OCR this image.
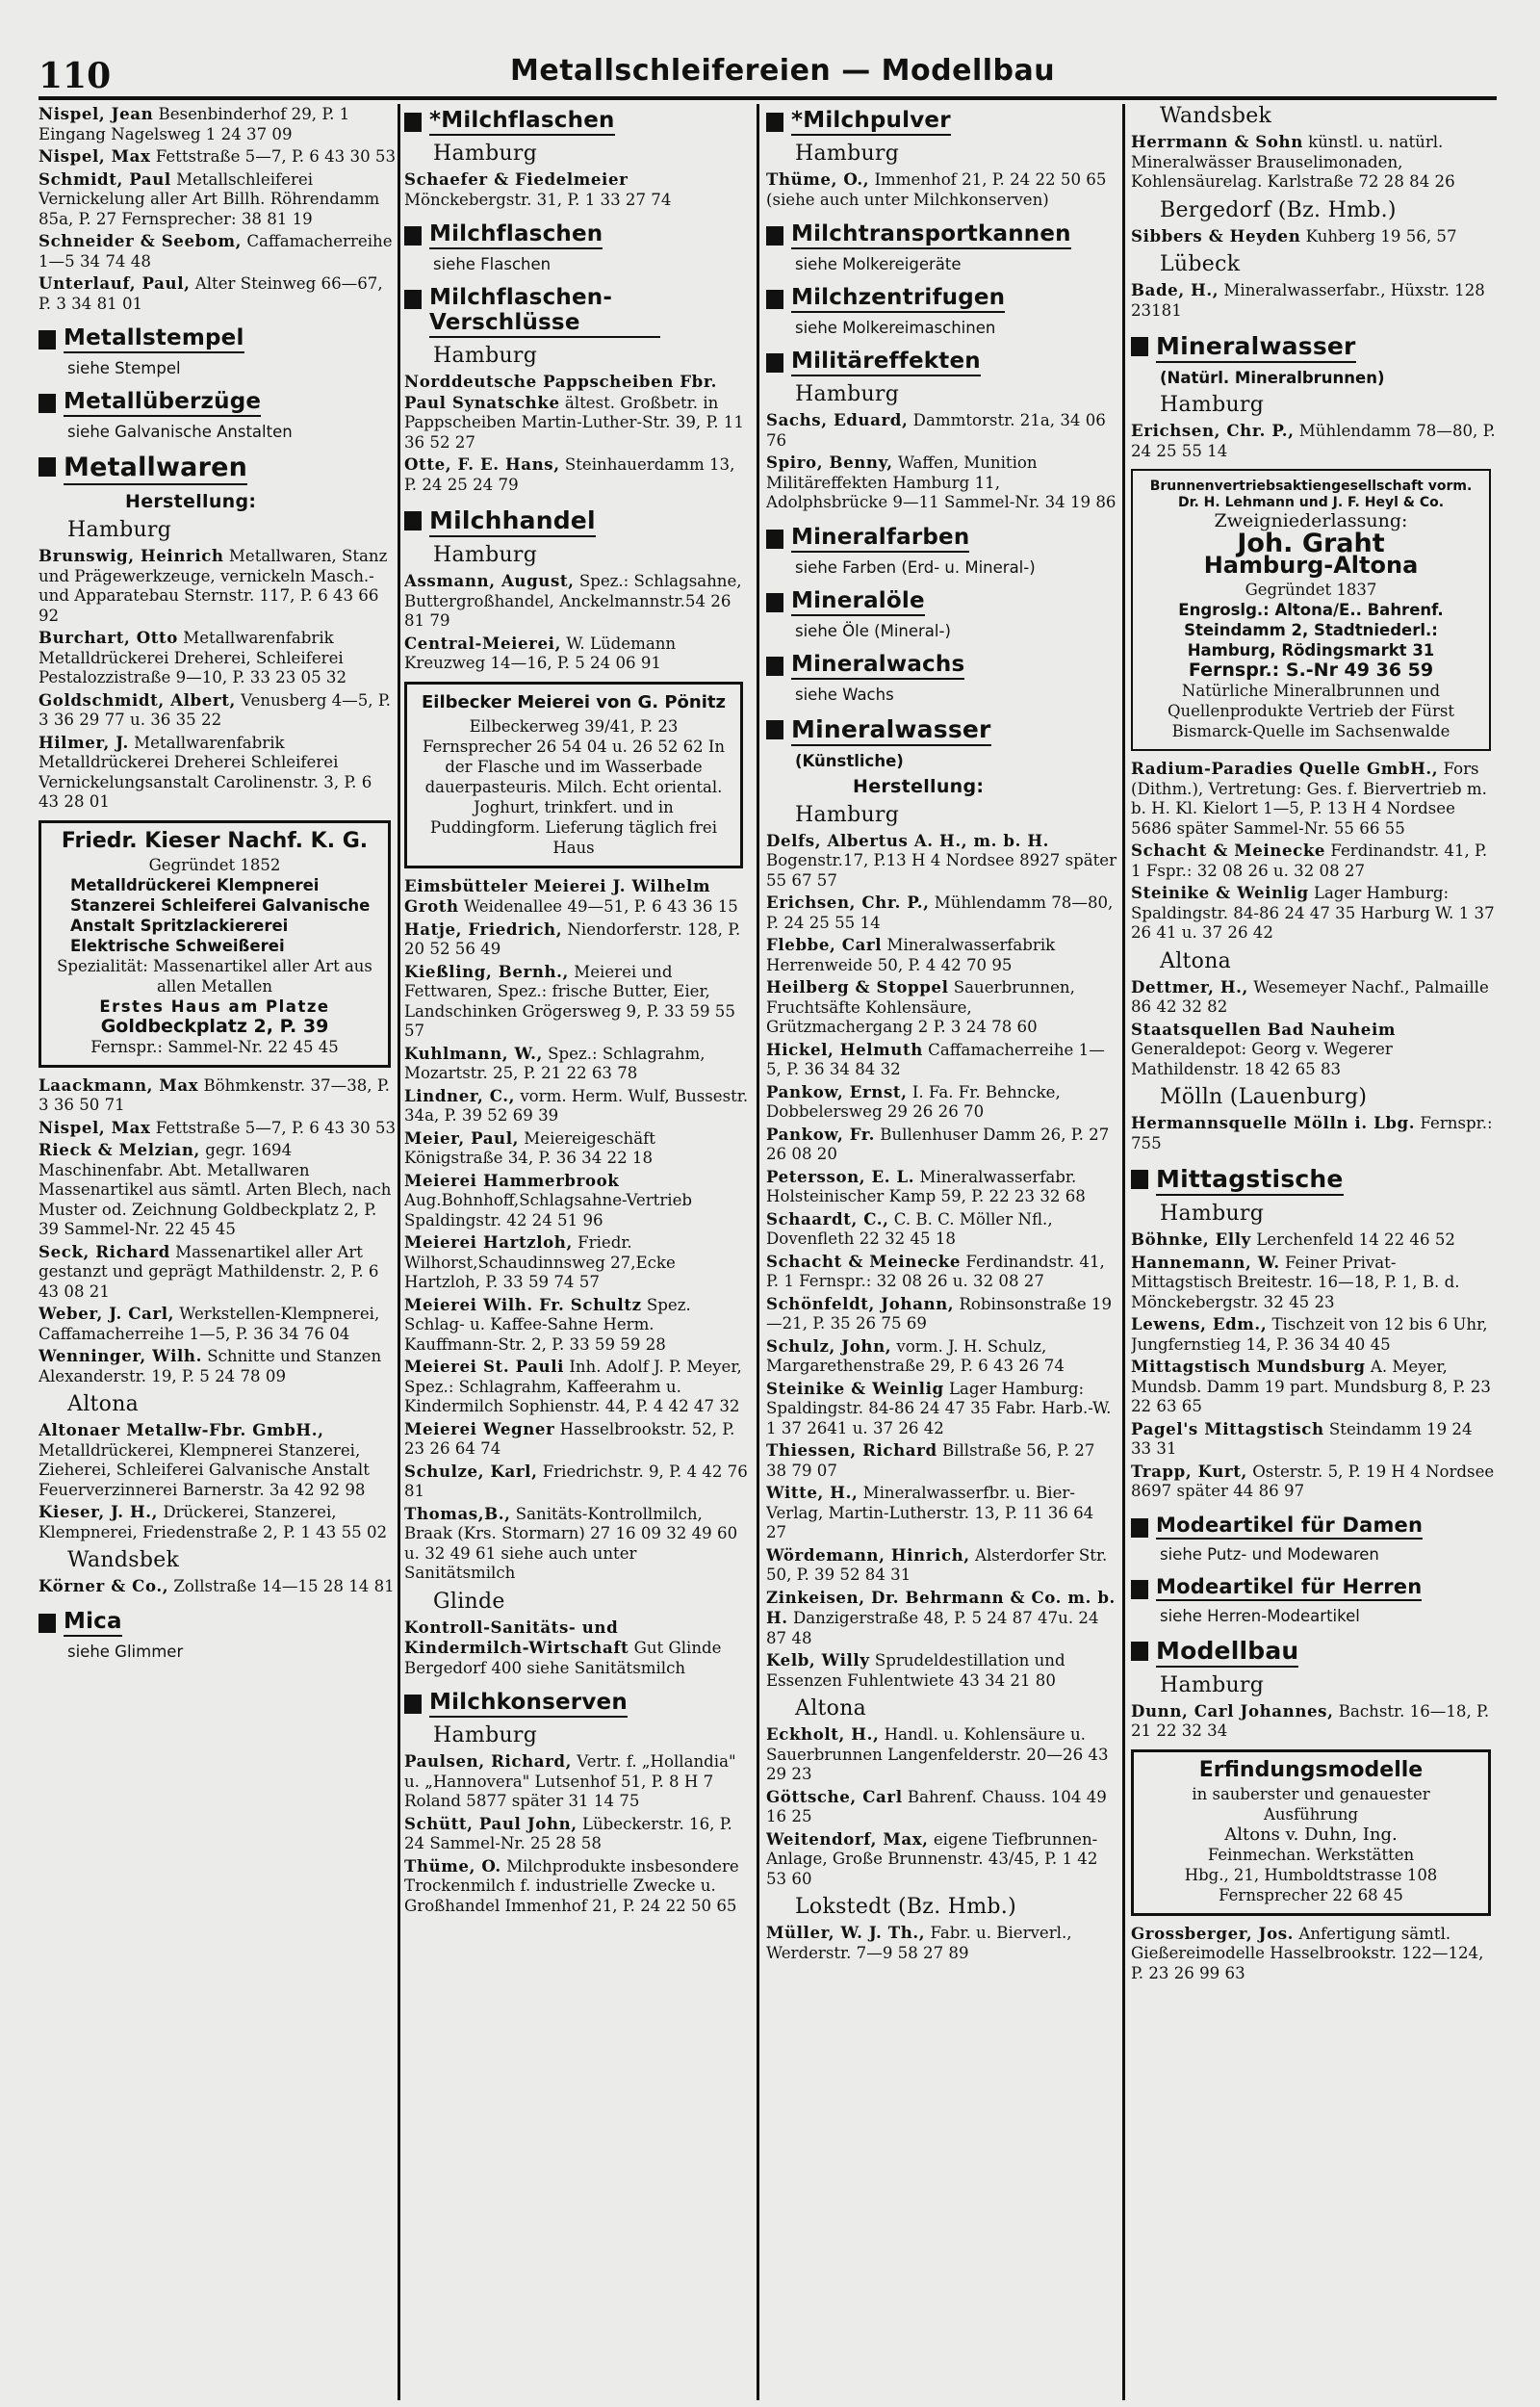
110	Metallschleifereien — Modellbau
Nispel, Jean Besenbinderhof 29, P. 1 Eingang Nagelsweg 1 24 37 09
Nispel, Max Fettstraße 5—7, P. 6 43 30 53
Schmidt, Paul Metallschleiferei Vernickelung aller Art Billh. Röhrendamm 85a, P. 27 Fernsprecher: 38 81 19
Schneider & Seebom, Caffamacherreihe 1—5 34 74 48
Unterlauf, Paul, Alter Steinweg 66—67, P. 3 34 81 01
Metallstempel
siehe Stempel
Metallüberzüge
siehe Galvanische Anstalten
Metallwaren
Herstellung:
Hamburg
Brunswig, Heinrich Metallwaren, Stanz und Prägewerkzeuge, vernickeln Masch.- und Apparatebau Sternstr. 117, P. 6 43 66 92
Burchart, Otto Metallwarenfabrik Metalldrückerei Dreherei, Schleiferei Pestalozzistraße 9—10, P. 33 23 05 32
Goldschmidt, Albert, Venusberg 4—5, P. 3 36 29 77 u. 36 35 22
Hilmer, J. Metallwarenfabrik Metalldrückerei Dreherei Schleiferei Vernickelungsanstalt Carolinenstr. 3, P. 6 43 28 01
Friedr. Kieser Nachf. K. G.
Gegründet 1852
Metalldrückerei Klempnerei Stanzerei Schleiferei Galvanische Anstalt Spritzlackiererei Elektrische Schweißerei
Spezialität: Massenartikel aller Art aus allen Metallen
Erstes Haus am Platze
Goldbeckplatz 2, P. 39
Fernspr.: Sammel-Nr. 22 45 45
Laackmann, Max Böhmkenstr. 37—38, P. 3 36 50 71
Nispel, Max Fettstraße 5—7, P. 6 43 30 53
Rieck & Melzian, gegr. 1694 Maschinenfabr. Abt. Metallwaren Massenartikel aus sämtl. Arten Blech, nach Muster od. Zeichnung Goldbeckplatz 2, P. 39 Sammel-Nr. 22 45 45
Seck, Richard Massenartikel aller Art gestanzt und geprägt Mathildenstr. 2, P. 6 43 08 21
Weber, J. Carl, Werkstellen-Klempnerei, Caffamacherreihe 1—5, P. 36 34 76 04
Wenninger, Wilh. Schnitte und Stanzen Alexanderstr. 19, P. 5 24 78 09
Altona
Altonaer Metallw-Fbr. GmbH., Metalldrückerei, Klempnerei Stanzerei, Zieherei, Schleiferei Galvanische Anstalt Feuerverzinnerei Barnerstr. 3a 42 92 98
Kieser, J. H., Drückerei, Stanzerei, Klempnerei, Friedenstraße 2, P. 1 43 55 02
Wandsbek
Körner & Co., Zollstraße 14—15 28 14 81
Mica
siehe Glimmer
*Milchflaschen
Hamburg
Schaefer & Fiedelmeier Mönckebergstr. 31, P. 1 33 27 74
Milchflaschen
siehe Flaschen
Milchflaschen-Verschlüsse
Hamburg
Norddeutsche Pappscheiben Fbr. Paul Synatschke ältest. Großbetr. in Pappscheiben Martin-Luther-Str. 39, P. 11 36 52 27
Otte, F. E. Hans, Steinhauerdamm 13, P. 24 25 24 79
Milchhandel
Hamburg
Assmann, August, Spez.: Schlagsahne, Buttergroßhandel, Anckelmannstr.54 26 81 79
Central-Meierei, W. Lüdemann Kreuzweg 14—16, P. 5 24 06 91
Eilbecker Meierei von G. Pönitz
Eilbeckerweg 39/41, P. 23 Fernsprecher 26 54 04 u. 26 52 62 In der Flasche und im Wasserbade dauerpasteuris. Milch. Echt oriental. Joghurt, trinkfert. und in Puddingform. Lieferung täglich frei Haus
Eimsbütteler Meierei J. Wilhelm Groth Weidenallee 49—51, P. 6 43 36 15
Hatje, Friedrich, Niendorferstr. 128, P. 20 52 56 49
Kießling, Bernh., Meierei und Fettwaren, Spez.: frische Butter, Eier, Landschinken Grögersweg 9, P. 33 59 55 57
Kuhlmann, W., Spez.: Schlagrahm, Mozartstr. 25, P. 21 22 63 78
Lindner, C., vorm. Herm. Wulf, Bussestr. 34a, P. 39 52 69 39
Meier, Paul, Meiereigeschäft Königstraße 34, P. 36 34 22 18
Meierei Hammerbrook Aug.Bohnhoff,Schlagsahne-Vertrieb Spaldingstr. 42 24 51 96
Meierei Hartzloh, Friedr. Wilhorst,Schaudinnsweg 27,Ecke Hartzloh, P. 33 59 74 57
Meierei Wilh. Fr. Schultz Spez. Schlag- u. Kaffee-Sahne Herm. Kauffmann-Str. 2, P. 33 59 59 28
Meierei St. Pauli Inh. Adolf J. P. Meyer, Spez.: Schlagrahm, Kaffeerahm u. Kindermilch Sophienstr. 44, P. 4 42 47 32
Meierei Wegner Hasselbrookstr. 52, P. 23 26 64 74
Schulze, Karl, Friedrichstr. 9, P. 4 42 76 81
Thomas,B., Sanitäts-Kontrollmilch, Braak (Krs. Stormarn) 27 16 09 32 49 60 u. 32 49 61 siehe auch unter Sanitätsmilch
Glinde
Kontroll-Sanitäts- und Kindermilch-Wirtschaft Gut Glinde Bergedorf 400 siehe Sanitätsmilch
Milchkonserven
Hamburg
Paulsen, Richard, Vertr. f. „Hollandia" u. „Hannovera" Lutsenhof 51, P. 8 H 7 Roland 5877 später 31 14 75
Schütt, Paul John, Lübeckerstr. 16, P. 24 Sammel-Nr. 25 28 58
Thüme, O. Milchprodukte insbesondere Trockenmilch f. industrielle Zwecke u. Großhandel Immenhof 21, P. 24 22 50 65
*Milchpulver
Hamburg
Thüme, O., Immenhof 21, P. 24 22 50 65 (siehe auch unter Milchkonserven)
Milchtransportkannen
siehe Molkereigeräte
Milchzentrifugen
siehe Molkereimaschinen
Militäreffekten
Hamburg
Sachs, Eduard, Dammtorstr. 21a, 34 06 76
Spiro, Benny, Waffen, Munition Militäreffekten Hamburg 11, Adolphsbrücke 9—11 Sammel-Nr. 34 19 86
Mineralfarben
siehe Farben (Erd- u. Mineral-)
Mineralöle
siehe Öle (Mineral-)
Mineralwachs
siehe Wachs
Mineralwasser
(Künstliche)
Herstellung:
Hamburg
Delfs, Albertus A. H., m. b. H. Bogenstr.17, P.13 H 4 Nordsee 8927 später 55 67 57
Erichsen, Chr. P., Mühlendamm 78—80, P. 24 25 55 14
Flebbe, Carl Mineralwasserfabrik Herrenweide 50, P. 4 42 70 95
Heilberg & Stoppel Sauerbrunnen, Fruchtsäfte Kohlensäure, Grützmachergang 2 P. 3 24 78 60
Hickel, Helmuth Caffamacherreihe 1—5, P. 36 34 84 32
Pankow, Ernst, I. Fa. Fr. Behncke, Dobbelersweg 29 26 26 70
Pankow, Fr. Bullenhuser Damm 26, P. 27 26 08 20
Petersson, E. L. Mineralwasserfabr. Holsteinischer Kamp 59, P. 22 23 32 68
Schaardt, C., C. B. C. Möller Nfl., Dovenfleth 22 32 45 18
Schacht & Meinecke Ferdinandstr. 41, P. 1 Fernspr.: 32 08 26 u. 32 08 27
Schönfeldt, Johann, Robinsonstraße 19—21, P. 35 26 75 69
Schulz, John, vorm. J. H. Schulz, Margarethenstraße 29, P. 6 43 26 74
Steinike & Weinlig Lager Hamburg: Spaldingstr. 84-86 24 47 35 Fabr. Harb.-W. 1 37 2641 u. 37 26 42
Thiessen, Richard Billstraße 56, P. 27 38 79 07
Witte, H., Mineralwasserfbr. u. Bier-Verlag, Martin-Lutherstr. 13, P. 11 36 64 27
Wördemann, Hinrich, Alsterdorfer Str. 50, P. 39 52 84 31
Zinkeisen, Dr. Behrmann & Co. m. b. H. Danzigerstraße 48, P. 5 24 87 47u. 24 87 48
Kelb, Willy Sprudeldestillation und Essenzen Fuhlentwiete 43 34 21 80
Altona
Eckholt, H., Handl. u. Kohlensäure u. Sauerbrunnen Langenfelderstr. 20—26 43 29 23
Göttsche, Carl Bahrenf. Chauss. 104 49 16 25
Weitendorf, Max, eigene Tiefbrunnen-Anlage, Große Brunnenstr. 43/45, P. 1 42 53 60
Lokstedt (Bz. Hmb.)
Müller, W. J. Th., Fabr. u. Bierverl., Werderstr. 7—9 58 27 89
Wandsbek
Herrmann & Sohn künstl. u. natürl. Mineralwässer Brauselimonaden, Kohlensäurelag. Karlstraße 72 28 84 26
Bergedorf (Bz. Hmb.)
Sibbers & Heyden Kuhberg 19 56, 57
Lübeck
Bade, H., Mineralwasserfabr., Hüxstr. 128 23181
Mineralwasser
(Natürl. Mineralbrunnen)
Hamburg
Erichsen, Chr. P., Mühlendamm 78—80, P. 24 25 55 14
Brunnenvertriebsaktiengesellschaft vorm. Dr. H. Lehmann und J. F. Heyl & Co.
Zweigniederlassung:
Joh. Graht
Hamburg-Altona
Gegründet 1837
Engroslg.: Altona/E.. Bahrenf. Steindamm 2, Stadtniederl.: Hamburg, Rödingsmarkt 31
Fernspr.: S.-Nr 49 36 59
Natürliche Mineralbrunnen und Quellenprodukte Vertrieb der Fürst Bismarck-Quelle im Sachsenwalde
Radium-Paradies Quelle GmbH., Fors (Dithm.), Vertretung: Ges. f. Biervertrieb m. b. H. Kl. Kielort 1—5, P. 13 H 4 Nordsee 5686 später Sammel-Nr. 55 66 55
Schacht & Meinecke Ferdinandstr. 41, P. 1 Fspr.: 32 08 26 u. 32 08 27
Steinike & Weinlig Lager Hamburg: Spaldingstr. 84-86 24 47 35 Harburg W. 1 37 26 41 u. 37 26 42
Altona
Dettmer, H., Wesemeyer Nachf., Palmaille 86 42 32 82
Staatsquellen Bad Nauheim Generaldepot: Georg v. Wegerer Mathildenstr. 18 42 65 83
Mölln (Lauenburg)
Hermannsquelle Mölln i. Lbg. Fernspr.: 755
Mittagstische
Hamburg
Böhnke, Elly Lerchenfeld 14 22 46 52
Hannemann, W. Feiner Privat-Mittagstisch Breitestr. 16—18, P. 1, B. d. Mönckebergstr. 32 45 23
Lewens, Edm., Tischzeit von 12 bis 6 Uhr, Jungfernstieg 14, P. 36 34 40 45
Mittagstisch Mundsburg A. Meyer, Mundsb. Damm 19 part. Mundsburg 8, P. 23 22 63 65
Pagel's Mittagstisch Steindamm 19 24 33 31
Trapp, Kurt, Osterstr. 5, P. 19 H 4 Nordsee 8697 später 44 86 97
Modeartikel für Damen
siehe Putz- und Modewaren
Modeartikel für Herren
siehe Herren-Modeartikel
Modellbau
Hamburg
Dunn, Carl Johannes, Bachstr. 16—18, P. 21 22 32 34
Erfindungsmodelle
in sauberster und genauester Ausführung
Altons v. Duhn, Ing.
Feinmechan. Werkstätten
Hbg., 21, Humboldtstrasse 108 Fernsprecher 22 68 45
Grossberger, Jos. Anfertigung sämtl. Gießereimodelle Hasselbrookstr. 122—124, P. 23 26 99 63
